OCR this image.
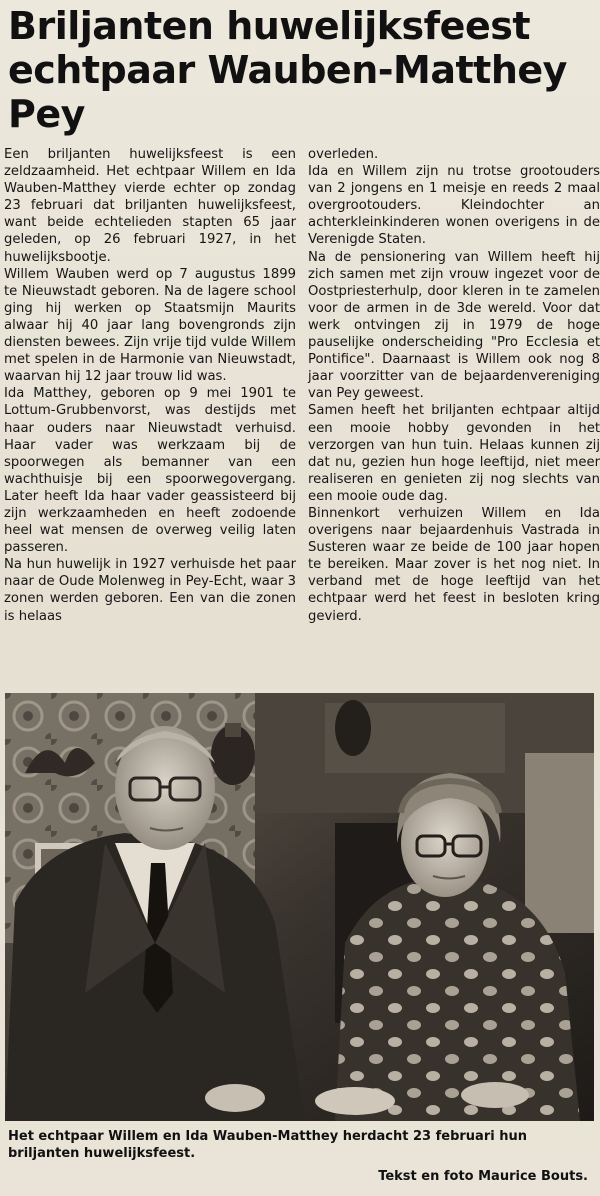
Briljanten huwelijksfeest
echtpaar Wauben-Matthey
Pey

Een briljanten huwelijksfeest is een zeldzaamheid. Het echtpaar Willem en Ida Wauben-Matthey vierde echter op zondag 23 februari dat briljanten huwelijksfeest, want beide echtelieden stapten 65 jaar geleden, op 26 februari 1927, in het huwelijksbootje.

Willem Wauben werd op 7 augustus 1899 te Nieuwstadt geboren. Na de lagere school ging hij werken op Staatsmijn Maurits alwaar hij 40 jaar lang bovengronds zijn diensten bewees. Zijn vrije tijd vulde Willem met spelen in de Harmonie van Nieuwstadt, waarvan hij 12 jaar trouw lid was.

Ida Matthey, geboren op 9 mei 1901 te Lottum-Grubbenvorst, was destijds met haar ouders naar Nieuwstadt verhuisd. Haar vader was werkzaam bij de spoorwegen als bemanner van een wachthuisje bij een spoorwegovergang. Later heeft Ida haar vader geassisteerd bij zijn werkzaamheden en heeft zodoende heel wat mensen de overweg veilig laten passeren.

Na hun huwelijk in 1927 verhuisde het paar naar de Oude Molenweg in Pey-Echt, waar 3 zonen werden geboren. Een van die zonen is helaas

overleden.

Ida en Willem zijn nu trotse grootouders van 2 jongens en 1 meisje en reeds 2 maal overgrootouders. Kleindochter an achterkleinkinderen wonen overigens in de Verenigde Staten.

Na de pensionering van Willem heeft hij zich samen met zijn vrouw ingezet voor de Oostpriesterhulp, door kleren in te zamelen voor de armen in de 3de wereld. Voor dat werk ontvingen zij in 1979 de hoge pauselijke onderscheiding "Pro Ecclesia et Pontifice". Daarnaast is Willem ook nog 8 jaar voorzitter van de bejaardenvereniging van Pey geweest.

Samen heeft het briljanten echtpaar altijd een mooie hobby gevonden in het verzorgen van hun tuin. Helaas kunnen zij dat nu, gezien hun hoge leeftijd, niet meer realiseren en genieten zij nog slechts van een mooie oude dag.

Binnenkort verhuizen Willem en Ida overigens naar bejaardenhuis Vastrada in Susteren waar ze beide de 100 jaar hopen te bereiken. Maar zover is het nog niet. In verband met de hoge leeftijd van het echtpaar werd het feest in besloten kring gevierd.

Het echtpaar Willem en Ida Wauben-Matthey herdacht 23 februari hun briljanten huwelijksfeest.
Tekst en foto Maurice Bouts.
